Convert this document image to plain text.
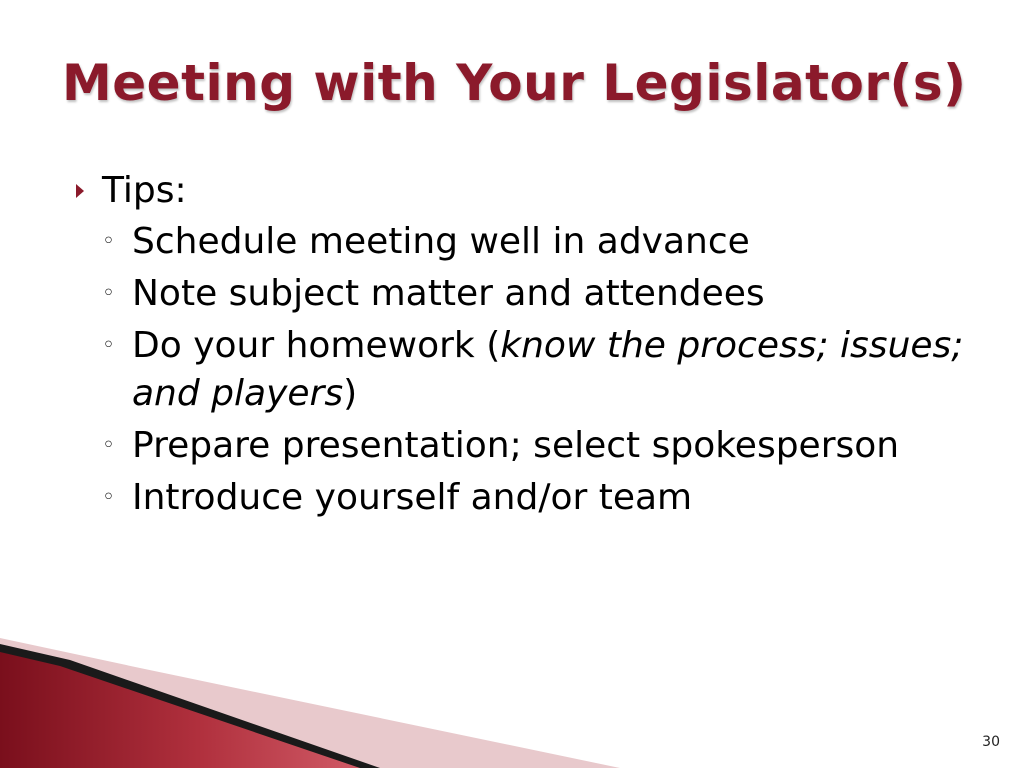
Meeting with Your Legislator(s)
Tips:
◦ Schedule meeting well in advance
◦ Note subject matter and attendees
◦ Do your homework (know the process; issues; and players)
◦ Prepare presentation; select spokesperson
◦ Introduce yourself and/or team
30
